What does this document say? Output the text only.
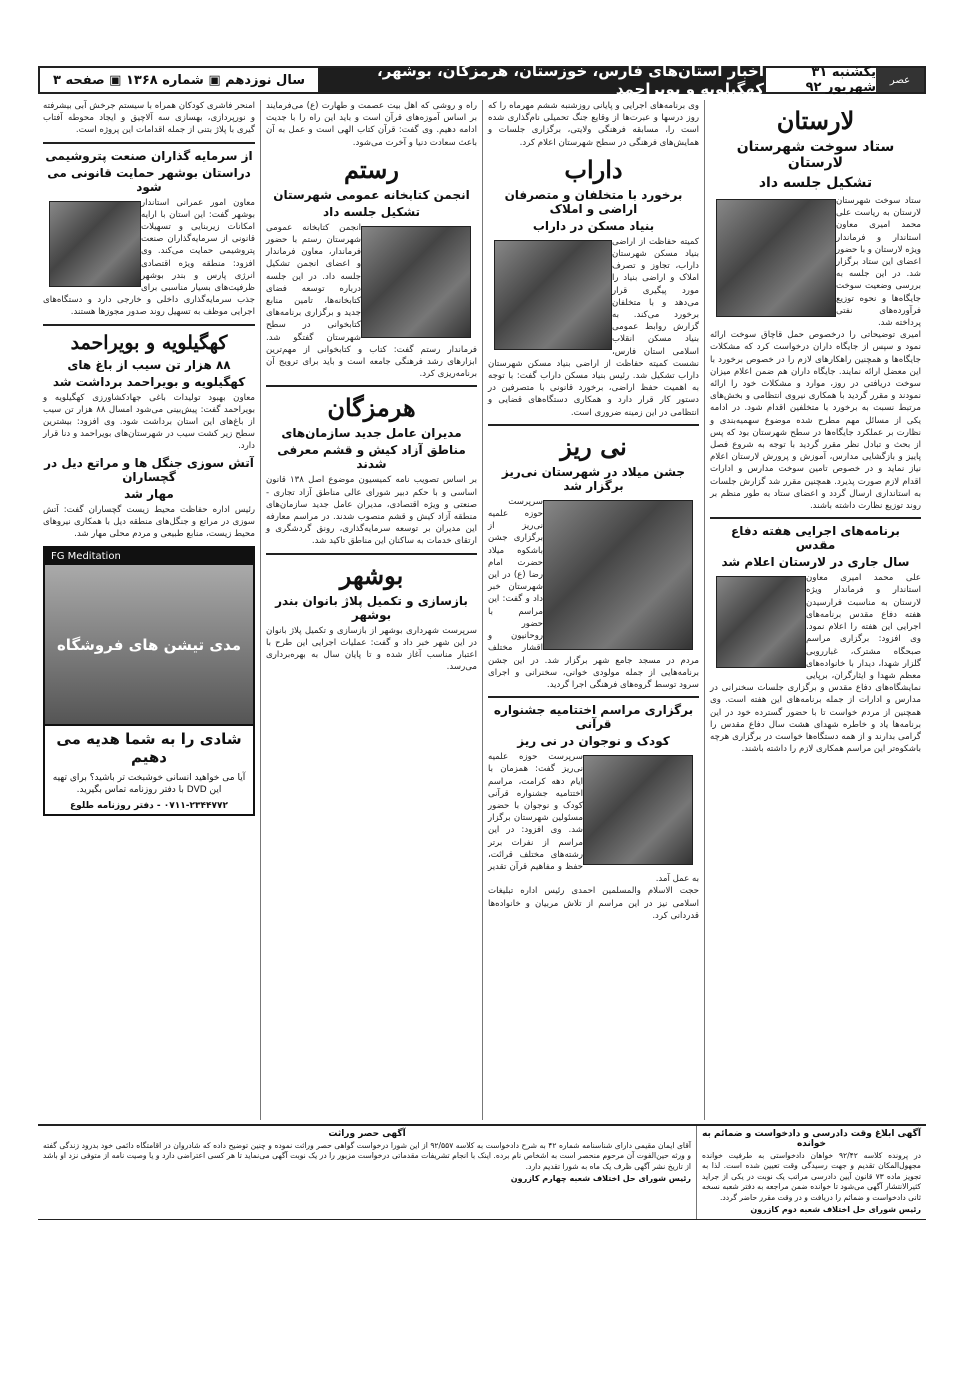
عصر
یکشنبه ۳۱ شهریور ۹۲
اخبار استان‌های فارس، خوزستان، هرمزگان، بوشهر، کهگیلویه و بویراحمد
سال نوزدهم ▣ شماره ۱۳۶۸ ▣ صفحه ۳
لارستان
ستاد سوخت شهرستان لارستان
تشکیل جلسه داد

ستاد سوخت شهرستان لارستان به ریاست علی محمد امیری معاون استاندار و فرماندار ویژه لارستان و با حضور اعضای این ستاد برگزار شد. در این جلسه به بررسی وضعیت سوخت جایگاه‌ها و نحوه توزیع فرآورده‌های نفتی پرداخته شد.

امیری توضیحاتی را درخصوص حمل قاچاق سوخت ارائه نمود و سپس از جایگاه داران درخواست کرد که مشکلات جایگاه‌ها و همچنین راهکارهای لازم را در خصوص برخورد با این معضل ارائه نمایند. جایگاه داران هم ضمن اعلام میزان سوخت دریافتی در روز، موارد و مشکلات خود را ارائه نمودند و مقرر گردید با همکاری نیروی انتظامی و بخش‌های مرتبط نسبت به برخورد با متخلفین اقدام شود. در ادامه یکی از مسائل مهم مطرح شده موضوع سهمیه‌بندی و نظارت بر عملکرد جایگاه‌ها در سطح شهرستان بود که پس از بحث و تبادل نظر مقرر گردید با توجه به شروع فصل پاییز و بازگشایی مدارس، آموزش و پرورش لارستان اعلام نیاز نماید و در خصوص تامین سوخت مدارس و ادارات اقدام لازم صورت پذیرد. همچنین مقرر شد گزارش جلسات به استانداری ارسال گردد و اعضای ستاد به طور منظم بر روند توزیع نظارت داشته باشند.

برنامه‌های اجرایی هفته دفاع مقدس
سال جاری در لارستان اعلام شد

علی محمد امیری معاون استاندار و فرماندار ویژه لارستان به مناسبت فرارسیدن هفته دفاع مقدس برنامه‌های اجرایی این هفته را اعلام نمود. وی افزود: برگزاری مراسم صبحگاه مشترک، غبارروبی گلزار شهدا، دیدار با خانواده‌های معظم شهدا و ایثارگران، برپایی نمایشگاه‌های دفاع مقدس و برگزاری جلسات سخنرانی در مدارس و ادارات از جمله برنامه‌های این هفته است. وی همچنین از مردم خواست تا با حضور گسترده خود در این برنامه‌ها یاد و خاطره شهدای هشت سال دفاع مقدس را گرامی بدارند و از همه دستگاه‌ها خواست در برگزاری هرچه باشکوه‌تر این مراسم همکاری لازم را داشته باشند.

وی برنامه‌های اجرایی و پایانی روزشنبه ششم مهرماه را که روز درسها و عبرت‌ها از وقایع جنگ تحمیلی نام‌گذاری شده است را، مسابقه فرهنگی ولایتی، برگزاری جلسات و همایش‌های فرهنگی در سطح شهرستان اعلام کرد.

داراب
برخورد با متخلفان و متصرفان اراضی و املاک
بنیاد مسکن در داراب

کمیته حفاظت از اراضی بنیاد مسکن شهرستان داراب، تجاوز و تصرف املاک و اراضی بنیاد را مورد پیگیری قرار می‌دهد و با متخلفان برخورد می‌کند. به گزارش روابط عمومی بنیاد مسکن انقلاب اسلامی استان فارس، نشست کمیته حفاظت از اراضی بنیاد مسکن شهرستان داراب تشکیل شد. رئیس بنیاد مسکن داراب گفت: با توجه به اهمیت حفظ اراضی، برخورد قانونی با متصرفین در دستور کار قرار دارد و همکاری دستگاه‌های قضایی و انتظامی در این زمینه ضروری است.

نی ریز
جشن میلاد در شهرستان نی‌ریز برگزار شد

سرپرست حوزه علمیه نی‌ریز از برگزاری جشن باشکوه میلاد حضرت امام رضا (ع) در این شهرستان خبر داد و گفت: این مراسم با حضور روحانیون و اقشار مختلف مردم در مسجد جامع شهر برگزار شد. در این جشن برنامه‌هایی از جمله مولودی خوانی، سخنرانی و اجرای سرود توسط گروه‌های فرهنگی اجرا گردید.

برگزاری مراسم اختتامیه جشنواره قرآنی
کودک و نوجوان در نی ریز

سرپرست حوزه علمیه نی‌ریز گفت: همزمان با ایام دهه کرامت، مراسم اختتامیه جشنواره قرآنی کودک و نوجوان با حضور مسئولین شهرستان برگزار شد. وی افزود: در این مراسم از نفرات برتر رشته‌های مختلف قرائت، حفظ و مفاهیم قرآن تقدیر به عمل آمد.

حجت الاسلام والمسلمین احمدی رئیس اداره تبلیغات اسلامی نیز در این مراسم از تلاش مربیان و خانواده‌ها قدردانی کرد.

راه و روشی که اهل بیت عصمت و طهارت (ع) می‌فرمایند بر اساس آموزه‌های قرآن است و باید این راه را با جدیت ادامه دهیم. وی گفت: قرآن کتاب الهی است و عمل به آن باعث سعادت دنیا و آخرت می‌شود.

رستم
انجمن کتابخانه عمومی شهرستان
تشکیل جلسه داد

انجمن کتابخانه عمومی شهرستان رستم با حضور فرماندار، معاون فرماندار و اعضای انجمن تشکیل جلسه داد. در این جلسه درباره توسعه فضای کتابخانه‌ها، تامین منابع جدید و برگزاری برنامه‌های کتابخوانی در سطح شهرستان گفتگو شد. فرماندار رستم گفت: کتاب و کتابخوانی از مهم‌ترین ابزارهای رشد فرهنگی جامعه است و باید برای ترویج آن برنامه‌ریزی کرد.

هرمزگان
مدیران عامل جدید سازمان‌های
مناطق آزاد کیش و قشم معرفی شدند

بر اساس تصویب نامه کمیسیون موضوع اصل ۱۳۸ قانون اساسی و با حکم دبیر شورای عالی مناطق آزاد تجاری - صنعتی و ویژه اقتصادی، مدیران عامل جدید سازمان‌های منطقه آزاد کیش و قشم منصوب شدند. در مراسم معارفه این مدیران بر توسعه سرمایه‌گذاری، رونق گردشگری و ارتقای خدمات به ساکنان این مناطق تاکید شد.

بوشهر
بازسازی و تکمیل پلاژ بانوان بندر بوشهر

سرپرست شهرداری بوشهر از بازسازی و تکمیل پلاژ بانوان در این شهر خبر داد و گفت: عملیات اجرایی این طرح با اعتبار مناسب آغاز شده و تا پایان سال به بهره‌برداری می‌رسد.

امنحر فاشری کودکان همراه با سیستم جرخش آبی بیشرفته و نورپردازی، بهسازی سه آلاچیق و ایجاد محوطه آفتاب گیری با پلاژ بتنی از جمله اقدامات این پروژه است.

از سرمایه گذاران صنعت پتروشیمی
دراستان بوشهر حمایت قانونی می شود

معاون امور عمرانی استاندار بوشهر گفت: این استان با ارایه امکانات زیربنایی و تسهیلات قانونی از سرمایه‌گذاران صنعت پتروشیمی حمایت می‌کند. وی افزود: منطقه ویژه اقتصادی انرژی پارس و بندر بوشهر ظرفیت‌های بسیار مناسبی برای جذب سرمایه‌گذاری داخلی و خارجی دارد و دستگاه‌های اجرایی موظف به تسهیل روند صدور مجوزها هستند.

کهگیلویه و بویراحمد
۸۸ هزار تن سیب از باغ های
کهگیلویه و بویراحمد برداشت شد

معاون بهبود تولیدات باغی جهادکشاورزی کهگیلویه و بویراحمد گفت: پیش‌بینی می‌شود امسال ۸۸ هزار تن سیب از باغ‌های این استان برداشت شود. وی افزود: بیشترین سطح زیر کشت سیب در شهرستان‌های بویراحمد و دنا قرار دارد.

آتش سوزی جنگل ها و مراتع دیل در گچساران
مهار شد

رئیس اداره حفاظت محیط زیست گچساران گفت: آتش سوزی در مراتع و جنگل‌های منطقه دیل با همکاری نیروهای محیط زیست، منابع طبیعی و مردم محلی مهار شد.

FG Meditation
مدی تیشن های فروشگاه
شادی را به شما هدیه می دهیم
آیا می خواهید انسانی خوشبخت تر باشید؟ برای تهیه این DVD با دفتر روزنامه تماس بگیرید.
۰۷۱۱-۲۳۴۴۷۷۲ - دفتر روزنامه طلوع
آگهی ابلاغ وقت دادرسی و دادخواست و ضمائم به خوانده
در پرونده کلاسه ۹۲/۴۲ خواهان دادخواستی به طرفیت خوانده مجهول‌المکان تقدیم و جهت رسیدگی وقت تعیین شده است. لذا به تجویز ماده ۷۳ قانون آیین دادرسی مراتب یک نوبت در یکی از جراید کثیرالانتشار آگهی می‌شود تا خوانده ضمن مراجعه به دفتر شعبه نسخه ثانی دادخواست و ضمائم را دریافت و در وقت مقرر حاضر گردد.
رئیس شورای حل اختلاف شعبه دوم کازرون
آگهی حصر وراثت
آقای ایمان مقیمی دارای شناسنامه شماره ۴۲ به شرح دادخواست به کلاسه ۹۲/۵۵۷ از این شورا درخواست گواهی حصر وراثت نموده و چنین توضیح داده که شادروان در اقامتگاه دائمی خود بدرود زندگی گفته و ورثه حین‌الفوت آن مرحوم منحصر است به اشخاص نام برده. اینک با انجام تشریفات مقدماتی درخواست مزبور را در یک نوبت آگهی می‌نماید تا هر کسی اعتراضی دارد و یا وصیت نامه از متوفی نزد او باشد از تاریخ نشر آگهی ظرف یک ماه به شورا تقدیم دارد.
رئیس شورای حل اختلاف شعبه چهارم کازرون
